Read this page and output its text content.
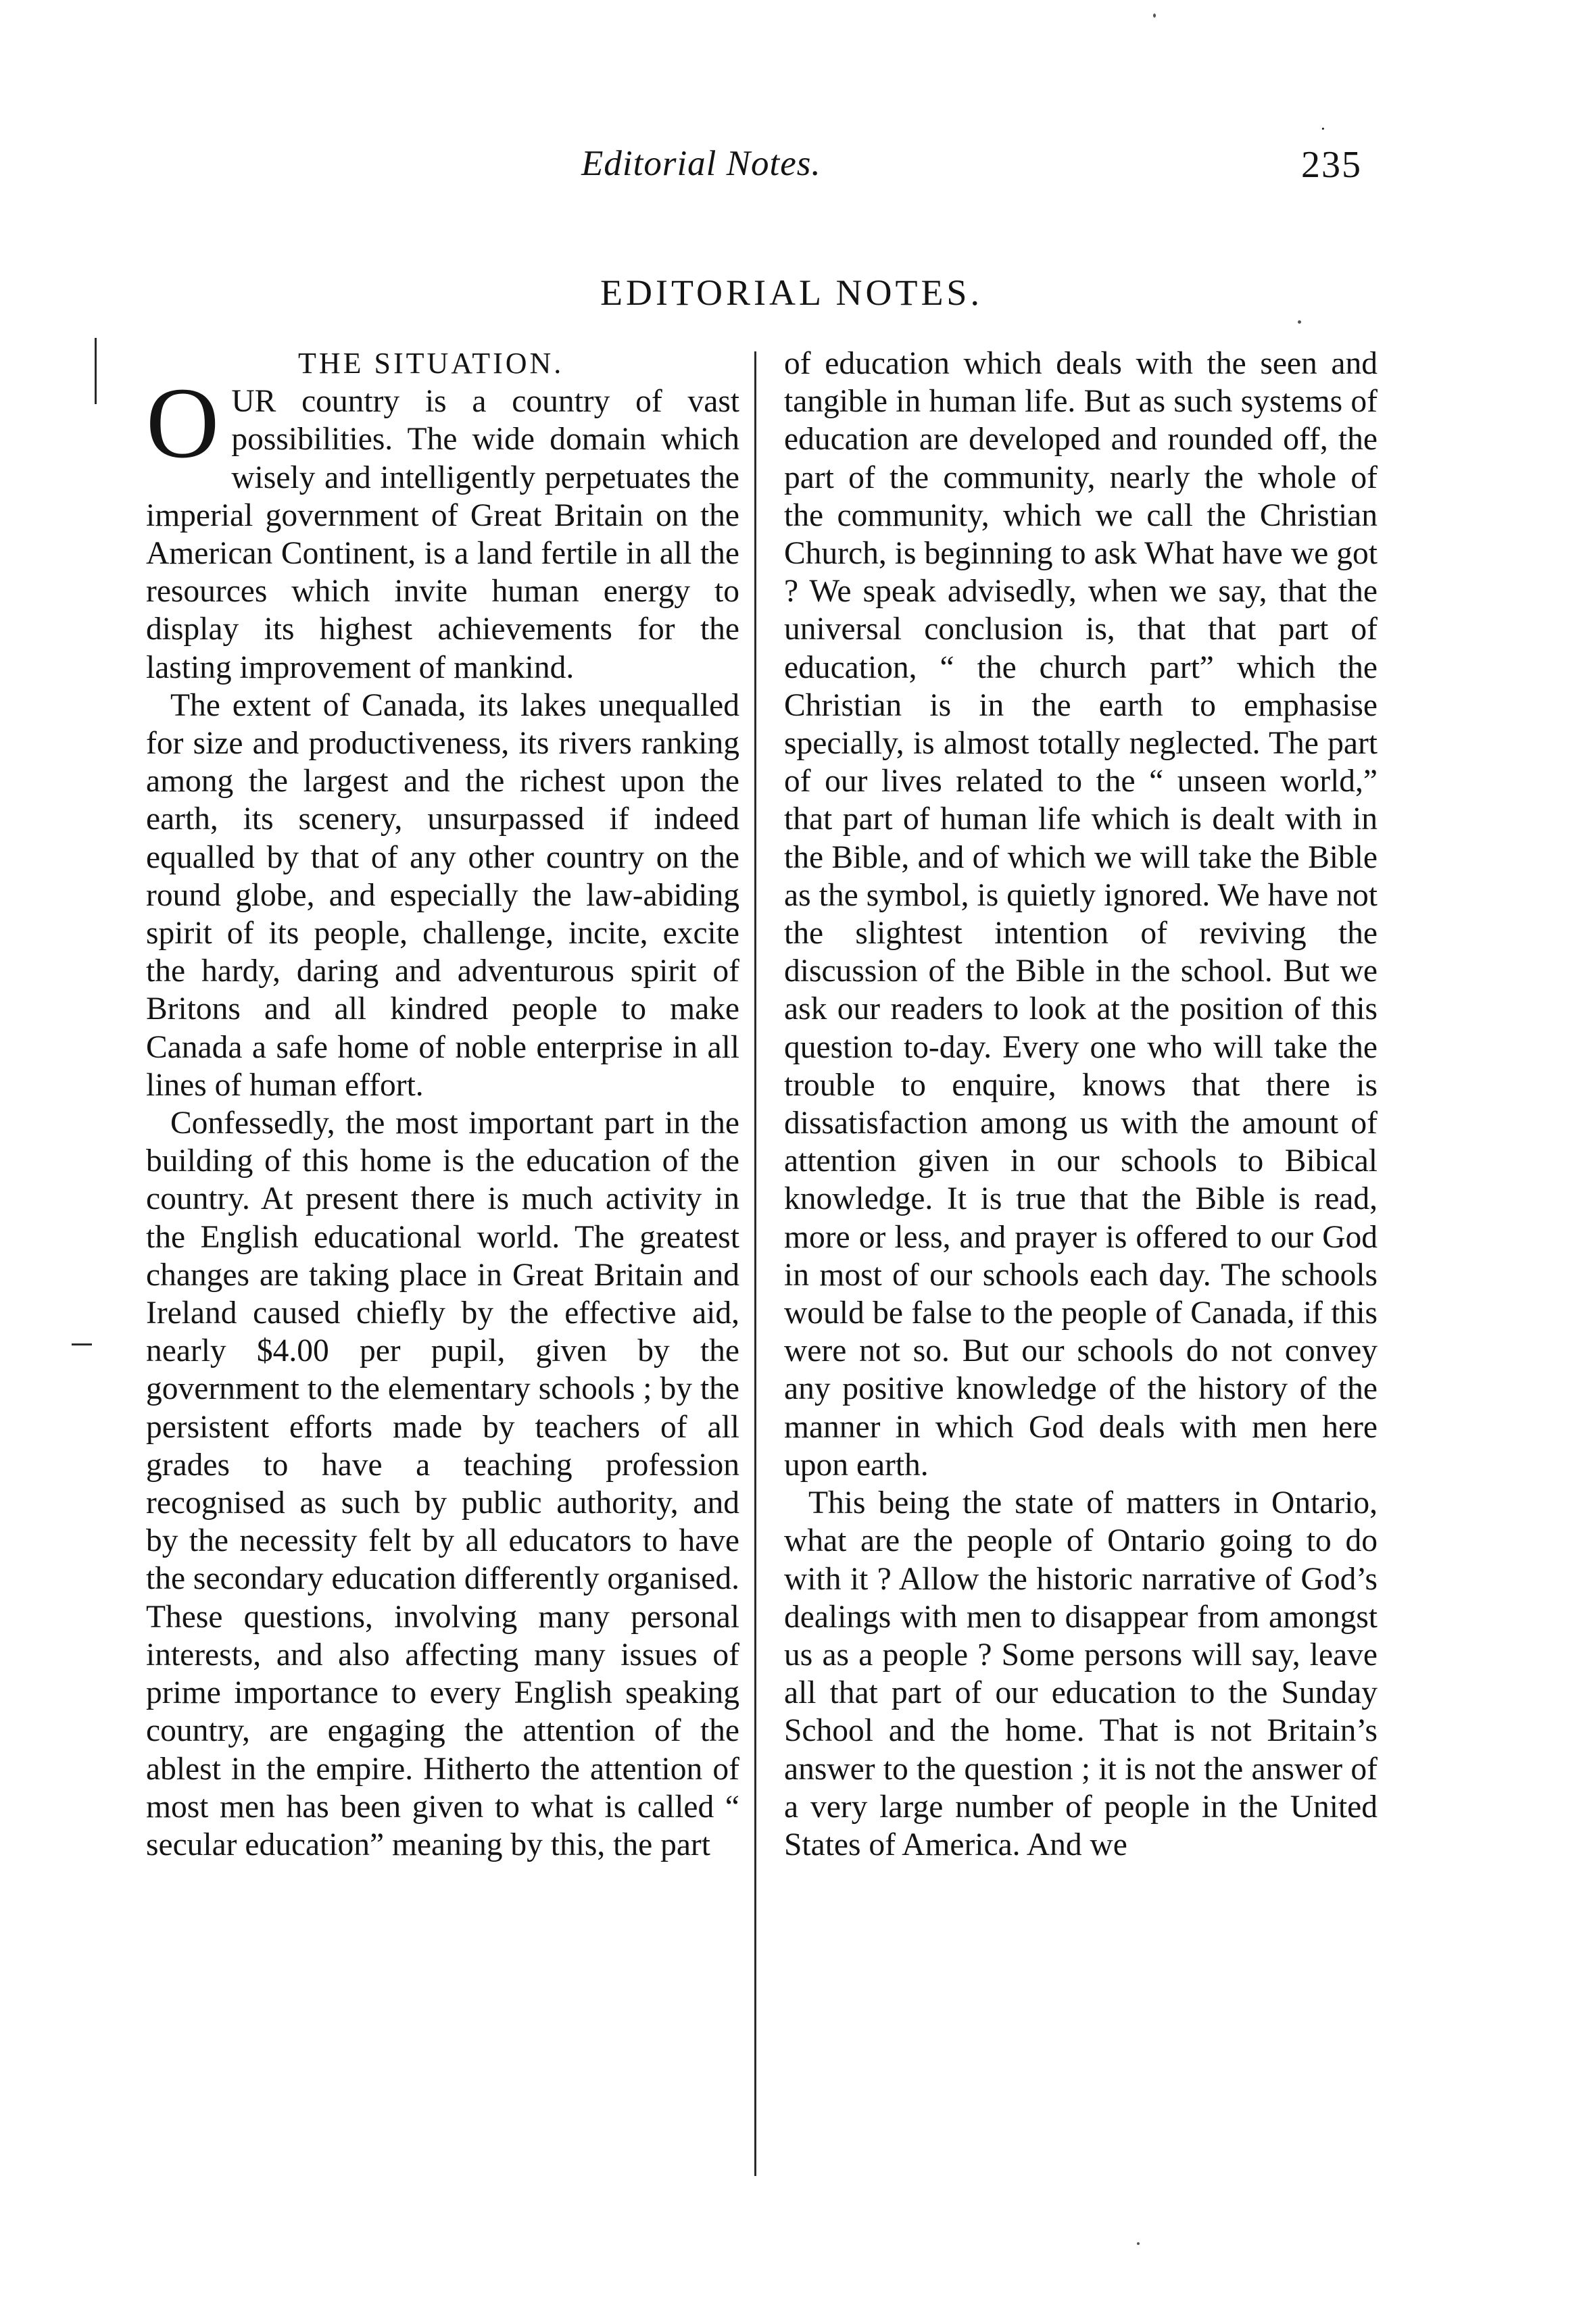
Editorial Notes.
·
235
EDITORIAL NOTES.
THE SITUATION.

OUR country is a country of vast possibilities. The wide domain which wisely and intelligently perpetuates the imperial government of Great Britain on the American Continent, is a land fertile in all the resources which invite human energy to display its highest achievements for the lasting improvement of mankind.

The extent of Canada, its lakes unequalled for size and productiveness, its rivers ranking among the largest and the richest upon the earth, its scenery, unsurpassed if indeed equalled by that of any other country on the round globe, and especially the law-abiding spirit of its people, challenge, incite, excite the hardy, daring and adventurous spirit of Britons and all kindred people to make Canada a safe home of noble enterprise in all lines of human effort.

Confessedly, the most important part in the building of this home is the education of the country. At present there is much activity in the English educational world. The greatest changes are taking place in Great Britain and Ireland caused chiefly by the effective aid, nearly $4.00 per pupil, given by the government to the elementary schools ; by the persistent efforts made by teachers of all grades to have a teaching profession recognised as such by public authority, and by the necessity felt by all educators to have the secondary education differently organised. These questions, involving many personal interests, and also affecting many issues of prime importance to every English speaking country, are engaging the attention of the ablest in the empire. Hitherto the attention of most men has been given to what is called “ secular education” meaning by this, the part

of education which deals with the seen and tangible in human life. But as such systems of education are developed and rounded off, the part of the community, nearly the whole of the community, which we call the Christian Church, is beginning to ask What have we got ? We speak advisedly, when we say, that the universal conclusion is, that that part of education, “ the church part” which the Christian is in the earth to emphasise specially, is almost totally neglected. The part of our lives related to the “ unseen world,” that part of human life which is dealt with in the Bible, and of which we will take the Bible as the symbol, is quietly ignored. We have not the slightest intention of reviving the discussion of the Bible in the school. But we ask our readers to look at the position of this question to-day. Every one who will take the trouble to enquire, knows that there is dissatisfaction among us with the amount of attention given in our schools to Bibical knowledge. It is true that the Bible is read, more or less, and prayer is offered to our God in most of our schools each day. The schools would be false to the people of Canada, if this were not so. But our schools do not convey any positive knowledge of the history of the manner in which God deals with men here upon earth.

This being the state of matters in Ontario, what are the people of Ontario going to do with it ? Allow the historic narrative of God’s dealings with men to disappear from amongst us as a people ? Some persons will say, leave all that part of our education to the Sunday School and the home. That is not Britain’s answer to the question ; it is not the answer of a very large number of people in the United States of America. And we
